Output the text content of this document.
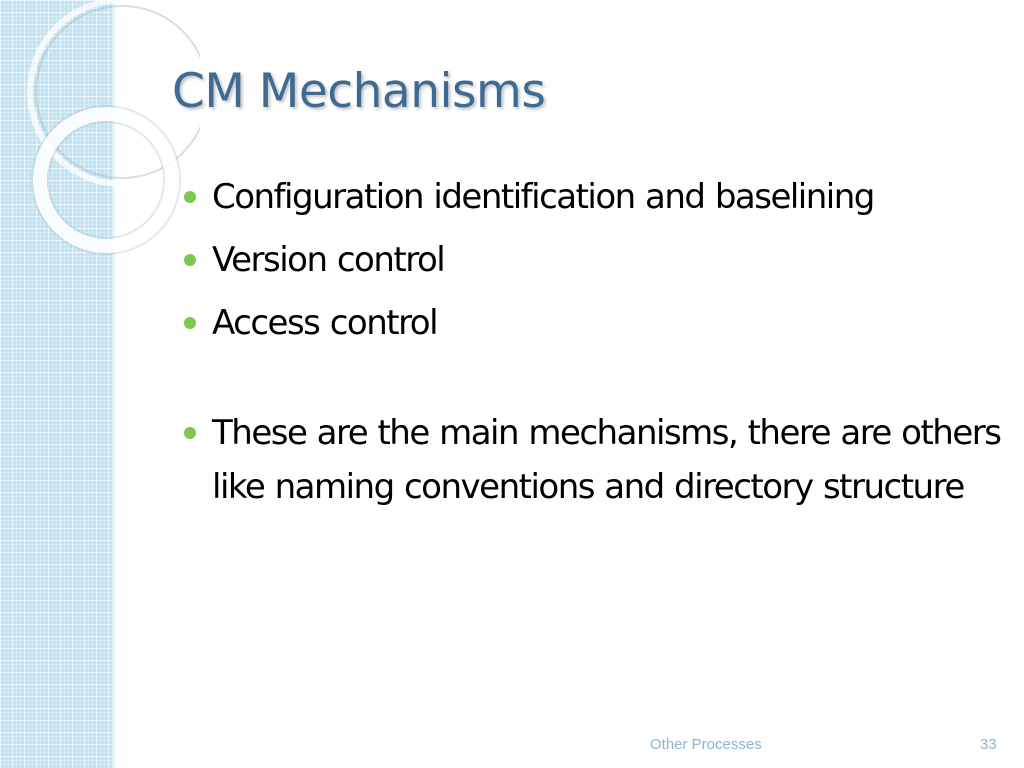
CM Mechanisms
Configuration identification and baselining
Version control
Access control
These are the main mechanisms, there are others like naming conventions and directory structure
Other Processes	33
